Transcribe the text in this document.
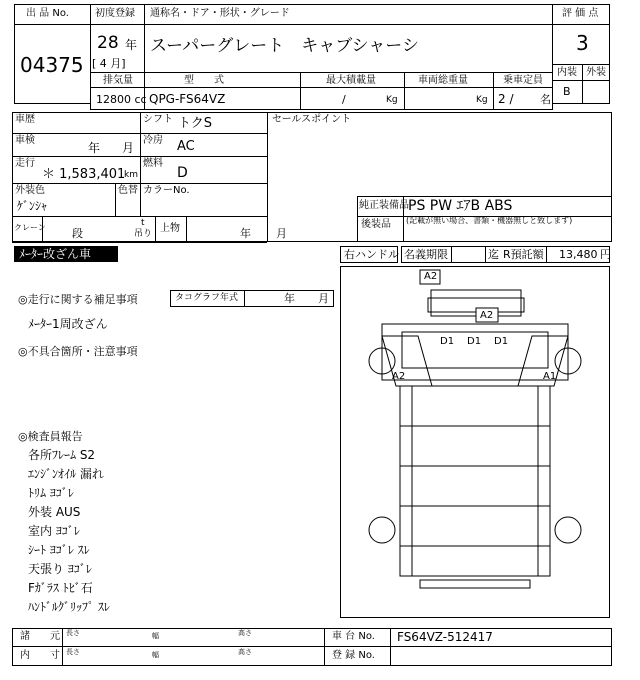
出 品 No.
04375
初度登録
28 年
[ 4 月]
通称名・ドア・形状・グレード
スーパーグレート　キャブシャーシ
評 価 点
3
内装 外装
B
排気量
12800 cc
型　　式
QPG-FS64VZ
最大積載量
/	Kg
車両総重量
Kg
乗車定員
2 / 名
車歴	シフト トクS
車検
年 月
冷房 AC
走行
＊ 1,583,401
km
燃料
D
外装色
ｹﾞﾝｼｬ
色替 カラーNo.
セールスポイント
純正装備品 PS PW ｴｱB ABS
後装品 (記載が無い場合、書類・機器無しと致します)
クレーン 段
t
吊り 上物	年 月
ﾒｰﾀｰ改ざん車	右ハンドル 名義期限	迄 R預託額 13,480 円
◎走行に関する補足事項	タコグラフ年式	年 月
ﾒｰﾀｰ1周改ざん
◎不具合箇所・注意事項
◎検査員報告
各所ﾌﾚｰﾑ S2
ｴﾝｼﾞﾝｵｲﾙ 漏れ
ﾄﾘﾑ ﾖｺﾞﾚ
外装 AUS
室内 ﾖｺﾞﾚ
ｼｰﾄ ﾖｺﾞﾚ ｽﾚ
天張り ﾖｺﾞﾚ
Fｶﾞﾗｽ ﾄﾋﾞ石
ﾊﾝﾄﾞﾙｸﾞﾘｯﾌﾟ ｽﾚ
A2
A2
D1 D1 D1
A2	A1
諸　　元
内　　寸
長さ	幅	高さ
長さ	幅	高さ
車 台 No. FS64VZ-512417
登 録 No.
